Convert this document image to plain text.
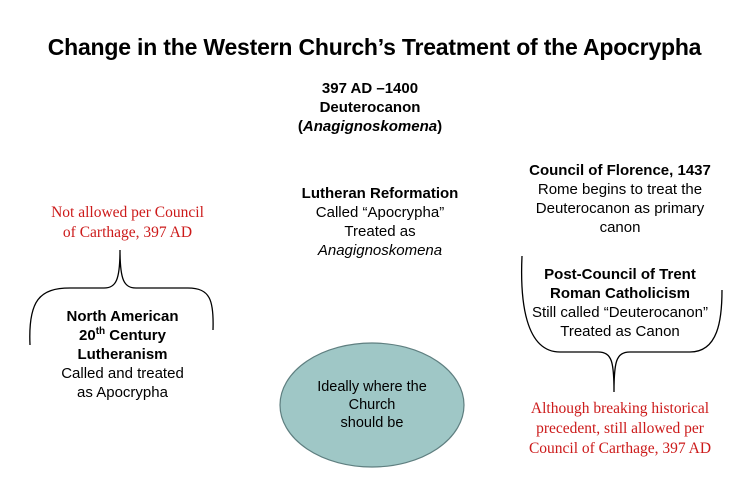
Change in the Western Church’s Treatment of the Apocrypha
397 AD –1400
Deuterocanon
(Anagignoskomena)
Not allowed per Council
of Carthage, 397 AD
North American
20th Century
Lutheranism
Called and treated
as Apocrypha
Lutheran Reformation
Called “Apocrypha”
Treated as
Anagignoskomena
Council of Florence, 1437
Rome begins to treat the
Deuterocanon as primary
canon
Post-Council of Trent
Roman Catholicism
Still called “Deuterocanon”
Treated as Canon
Although breaking historical
precedent, still allowed per
Council of Carthage, 397 AD
Ideally where the
Church
should be
